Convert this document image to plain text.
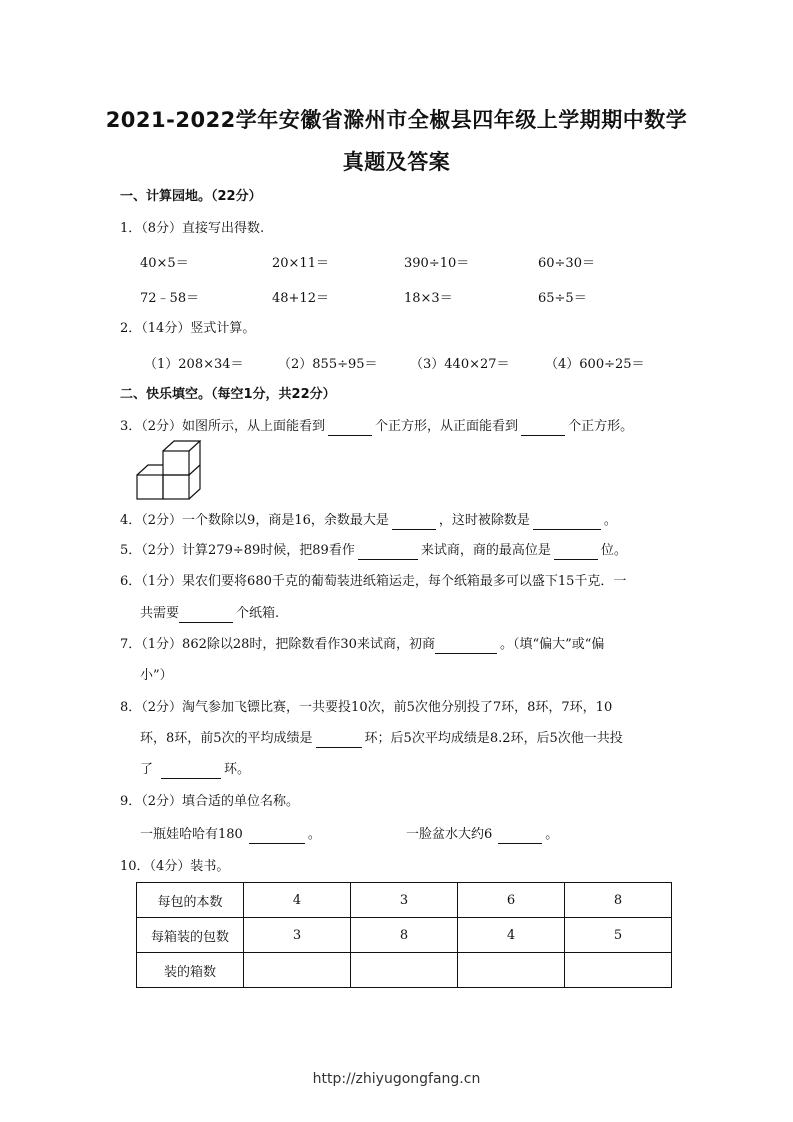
2021-2022学年安徽省滁州市全椒县四年级上学期期中数学
真题及答案
一、计算园地。（22分）
1．（8分）直接写出得数.
40×5＝	20×11＝	390÷10＝	60÷30＝
72﹣58＝	48+12＝	18×3＝	65÷5＝
2．（14分）竖式计算。
（1）208×34＝	（2）855÷95＝ （3）440×27＝	（4）600÷25＝
二、快乐填空。（每空1分，共22分）
3．（2分）如图所示，从上面能看到	个正方形，从正面能看到	个正方形。
4．（2分）一个数除以9，商是16，余数最大是	，这时被除数是	。
5．（2分）计算279÷89时候，把89看作	来试商，商的最高位是	位。
6．（1分）果农们要将680千克的葡萄装进纸箱运走，每个纸箱最多可以盛下15千克．一
共需要	个纸箱.
7．（1分）862除以28时，把除数看作30来试商，初商	。（填“偏大”或“偏
小”）
8．（2分）淘气参加飞镖比赛，一共要投10次，前5次他分别投了7环，8环，7环，10
环，8环，前5次的平均成绩是	环；后5次平均成绩是8.2环，后5次他一共投
了	环。
9．（2分）填合适的单位名称。
一瓶娃哈哈有180	。	一脸盆水大约6	。
10．（4分）装书。
每包的本数	4	3	6	8
每箱装的包数	3	8	4	5
装的箱数				
http://zhiyugongfang.cn
